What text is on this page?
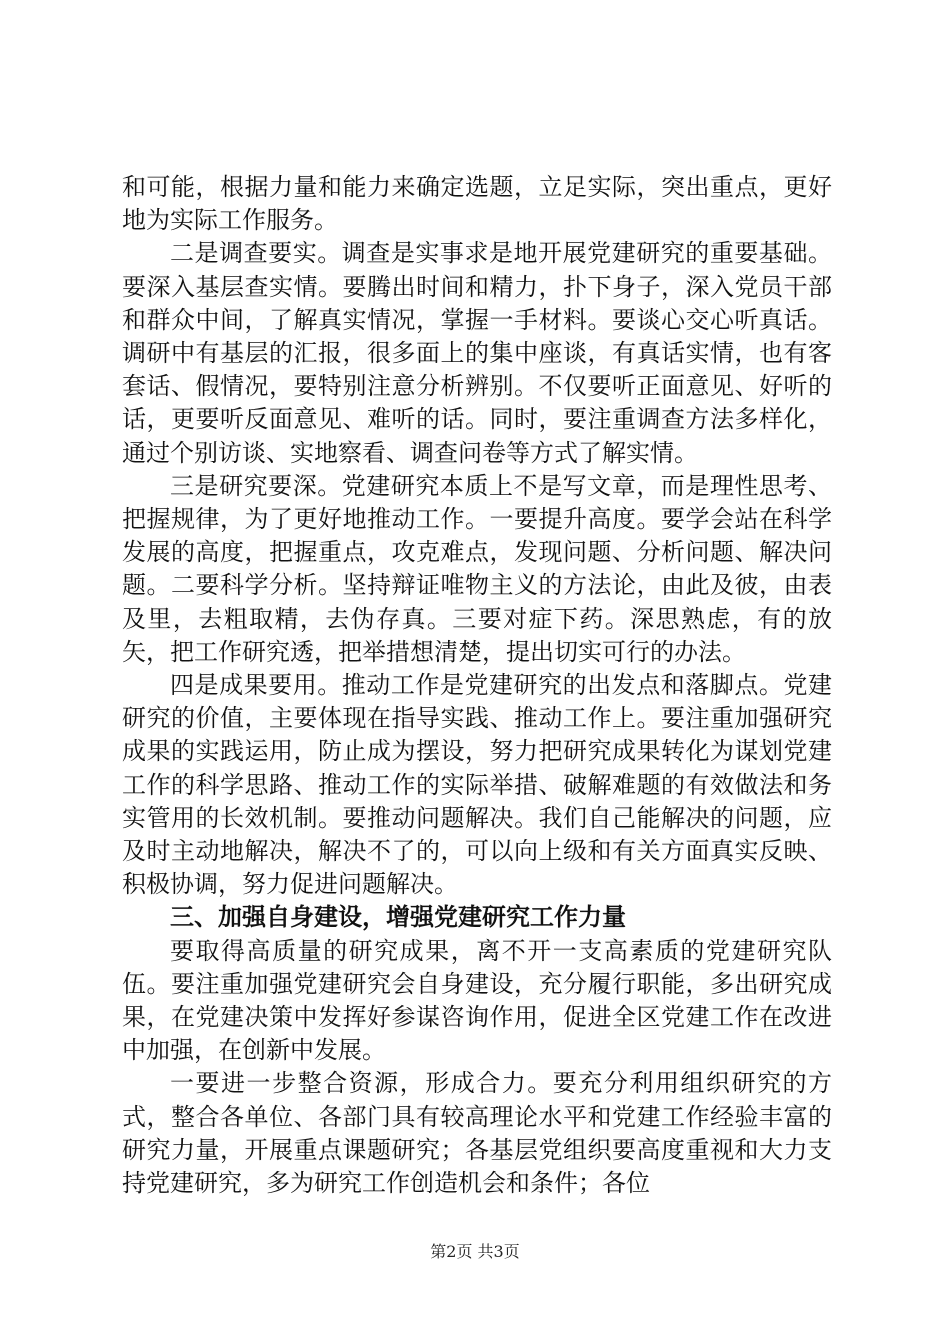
和可能，根据力量和能力来确定选题，立足实际，突出重点，更好地为实际工作服务。

二是调查要实。调查是实事求是地开展党建研究的重要基础。要深入基层查实情。要腾出时间和精力，扑下身子，深入党员干部和群众中间，了解真实情况，掌握一手材料。要谈心交心听真话。调研中有基层的汇报，很多面上的集中座谈，有真话实情，也有客套话、假情况，要特别注意分析辨别。不仅要听正面意见、好听的话，更要听反面意见、难听的话。同时，要注重调查方法多样化，通过个别访谈、实地察看、调查问卷等方式了解实情。

三是研究要深。党建研究本质上不是写文章，而是理性思考、把握规律，为了更好地推动工作。一要提升高度。要学会站在科学发展的高度，把握重点，攻克难点，发现问题、分析问题、解决问题。二要科学分析。坚持辩证唯物主义的方法论，由此及彼，由表及里，去粗取精，去伪存真。三要对症下药。深思熟虑，有的放矢，把工作研究透，把举措想清楚，提出切实可行的办法。

四是成果要用。推动工作是党建研究的出发点和落脚点。党建研究的价值，主要体现在指导实践、推动工作上。要注重加强研究成果的实践运用，防止成为摆设，努力把研究成果转化为谋划党建工作的科学思路、推动工作的实际举措、破解难题的有效做法和务实管用的长效机制。要推动问题解决。我们自己能解决的问题，应及时主动地解决，解决不了的，可以向上级和有关方面真实反映、积极协调，努力促进问题解决。

三、加强自身建设，增强党建研究工作力量

要取得高质量的研究成果，离不开一支高素质的党建研究队伍。要注重加强党建研究会自身建设，充分履行职能，多出研究成果，在党建决策中发挥好参谋咨询作用，促进全区党建工作在改进中加强，在创新中发展。

一要进一步整合资源，形成合力。要充分利用组织研究的方式，整合各单位、各部门具有较高理论水平和党建工作经验丰富的研究力量，开展重点课题研究；各基层党组织要高度重视和大力支持党建研究，多为研究工作创造机会和条件；各位

第2页 共3页
